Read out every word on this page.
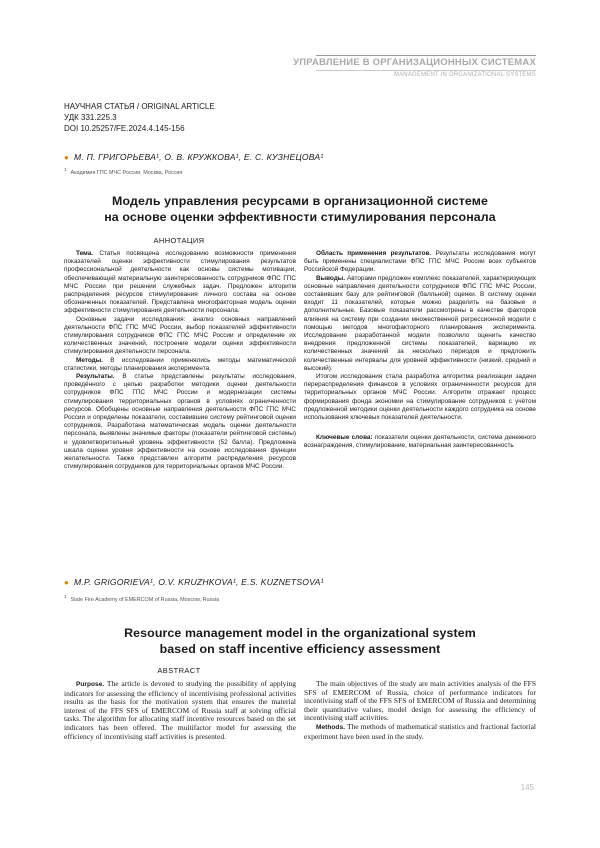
УПРАВЛЕНИЕ В ОРГАНИЗАЦИОННЫХ СИСТЕМАХ
MANAGEMENT IN ORGANIZATIONAL SYSTEMS
НАУЧНАЯ СТАТЬЯ / ORIGINAL ARTICLE
УДК 331.225.3
DOI 10.25257/FE.2024.4.145-156
● М. П. ГРИГОРЬЕВА¹, О. В. КРУЖКОВА¹, Е. С. КУЗНЕЦОВА¹
$^1$Академия ГПС МЧС России, Москва, Россия
Модель управления ресурсами в организационной системе
на основе оценки эффективности стимулирования персонала
АННОТАЦИЯ

Тема. Статья посвящена исследованию возможности применения показателей оценки эффективности стимулирования результатов профессиональной деятельности как основы системы мотивации, обеспечивающей материальную заинтересованность сотрудников ФПС ГПС МЧС России при решении служебных задач. Предложен алгоритм распределения ресурсов стимулирования личного состава на основе обозначенных показателей. Представлена многофакторная модель оценки эффективности стимулирования деятельности персонала.

Основные задачи исследования: анализ основных направлений деятельности ФПС ГПС МЧС России, выбор показателей эффективности стимулирования сотрудников ФПС ГПС МЧС России и определение их количественных значений, построение модели оценки эффективности стимулирования деятельности персонала.

Методы. В исследовании применялись методы математической статистики, методы планирования эксперимента.

Результаты. В статье представлены результаты исследования, проведённого с целью разработки методики оценки деятельности сотрудников ФПС ГПС МЧС России и модернизации системы стимулирования территориальных органов в условиях ограниченности ресурсов. Обобщены основные направления деятельности ФПС ГПС МЧС России и определены показатели, составившие систему рейтинговой оценки сотрудников. Разработана математическая модель оценки деятельности персонала, выявлены значимые факторы (показатели рейтинговой системы) и удовлетворительный уровень эффективности (52 балла). Предложена шкала оценки уровня эффективности на основе исследования функции желательности. Также представлен алгоритм распределения ресурсов стимулирования сотрудников для территориальных органов МЧС России.

Область применения результатов. Результаты исследования могут быть применены специалистами ФПС ГПС МЧС России всех субъектов Российской Федерации.

Выводы. Авторами предложен комплекс показателей, характеризующих основные направления деятельности сотрудников ФПС ГПС МЧС России, составивших базу для рейтинговой (балльной) оценки. В систему оценки входит 11 показателей, которые можно разделить на базовые и дополнительные. Базовые показатели рассмотрены в качестве факторов влияния на систему при создании множественной регрессионной модели с помощью методов многофакторного планирования эксперимента. Исследование разработанной модели позволило оценить качество внедрения предложенной системы показателей, вариацию их количественных значений за несколько периодов и предложить количественные интервалы для уровней эффективности (низкий, средний и высокий).

Итогом исследования стала разработка алгоритма реализации задачи перераспределения финансов в условиях ограниченности ресурсов для территориальных органов МЧС России. Алгоритм отражает процесс формирования фонда экономии на стимулирование сотрудников с учётом предложенной методики оценки деятельности каждого сотрудника на основе использования ключевых показателей деятельности.

Ключевые слова: показатели оценки деятельности, система денежного вознаграждения, стимулирование, материальная заинтересованность

● M.P. GRIGORIEVA¹, O.V. KRUZHKOVA¹, E.S. KUZNETSOVA¹
$^1$State Fire Academy of EMERCOM of Russia, Moscow, Russia
Resource management model in the organizational system
based on staff incentive efficiency assessment
ABSTRACT

Purpose. The article is devoted to studying the possibility of applying indicators for assessing the efficiency of incentivising professional activities results as the basis for the motivation system that ensures the material interest of the FFS SFS of EMERCOM of Russia staff at solving official tasks. The algorithm for allocating staff incentive resources based on the set indicators has been offered. The multifactor model for assessing the efficiency of incentivising staff activities is presented.

The main objectives of the study are main activities analysis of the FFS SFS of EMERCOM of Russia, choice of performance indicators for incentivising staff of the FFS SFS of EMERCOM of Russia and determining their quantitative values, model design for assessing the efficiency of incentivising staff activities.

Methods. The methods of mathematical statistics and fractional factorial experiment have been used in the study.

145
